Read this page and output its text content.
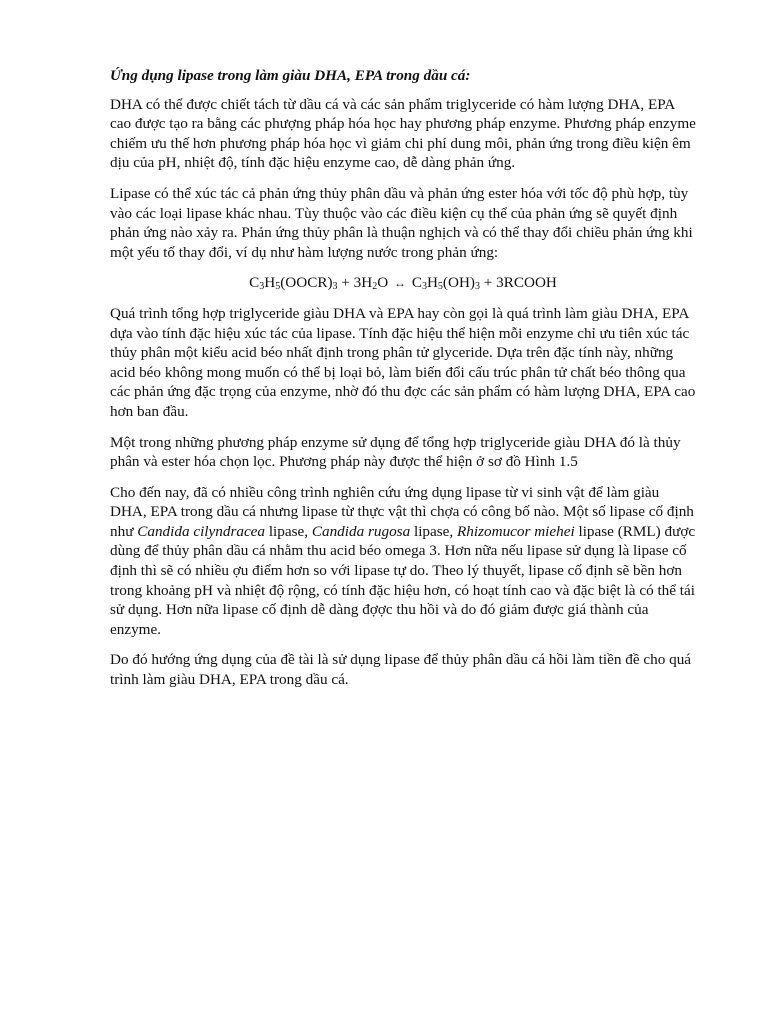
Ứng dụng lipase trong làm giàu DHA, EPA trong dầu cá:

DHA có thể được chiết tách từ dầu cá và các sản phẩm triglyceride có hàm lượng DHA, EPA cao được tạo ra bằng các phượng pháp hóa học hay phương pháp enzyme. Phương pháp enzyme chiếm ưu thế hơn phương pháp hóa học vì giảm chi phí dung môi, phản ứng trong điều kiện êm dịu của pH, nhiệt độ, tính đặc hiệu enzyme cao, dễ dàng phản ứng.

Lipase có thể xúc tác cả phản ứng thủy phân dầu và phản ứng ester hóa với tốc độ phù hợp, tùy vào các loại lipase khác nhau. Tùy thuộc vào các điều kiện cụ thể của phản ứng sẽ quyết định phản ứng nào xảy ra. Phản ứng thủy phân là thuận nghịch và có thể thay đổi chiều phản ứng khi một yếu tố thay đổi, ví dụ như hàm lượng nước trong phản ứng:

$C_3H_5(OOCR)_3 + 3H_2O$ ↔ $C_3H_5(OH)_3$ + 3RCOOH

Quá trình tổng hợp triglyceride giàu DHA và EPA hay còn gọi là quá trình làm giàu DHA, EPA dựa vào tính đặc hiệu xúc tác của lipase. Tính đặc hiệu thể hiện mỗi enzyme chỉ ưu tiên xúc tác thủy phân một kiểu acid béo nhất định trong phân tử glyceride. Dựa trên đặc tính này, những acid béo không mong muốn có thể bị loại bỏ, làm biến đổi cấu trúc phân tử chất béo thông qua các phản ứng đặc trọng của enzyme, nhờ đó thu đợc các sản phẩm có hàm lượng DHA, EPA cao hơn ban đầu.

Một trong những phương pháp enzyme sử dụng để tổng hợp triglyceride giàu DHA đó là thủy phân và ester hóa chọn lọc. Phương pháp này được thể hiện ở sơ đồ Hình 1.5

Cho đến nay, đã có nhiều công trình nghiên cứu ứng dụng lipase từ vi sinh vật để làm giàu DHA, EPA trong dầu cá nhưng lipase từ thực vật thì chợa có công bố nào. Một số lipase cố định như Candida cilyndracea lipase, Candida rugosa lipase, Rhizomucor miehei lipase (RML) được dùng để thủy phân dầu cá nhằm thu acid béo omega 3. Hơn nữa nếu lipase sử dụng là lipase cố định thì sẽ có nhiều ợu điểm hơn so với lipase tự do. Theo lý thuyết, lipase cố định sẽ bền hơn trong khoảng pH và nhiệt độ rộng, có tính đặc hiệu hơn, có hoạt tính cao và đặc biệt là có thể tái sử dụng. Hơn nữa lipase cố định dễ dàng đợợc thu hồi và do đó giảm được giá thành của enzyme.

Do đó hướng ứng dụng của đề tài là sử dụng lipase để thủy phân dầu cá hồi làm tiền đề cho quá trình làm giàu DHA, EPA trong dầu cá.
